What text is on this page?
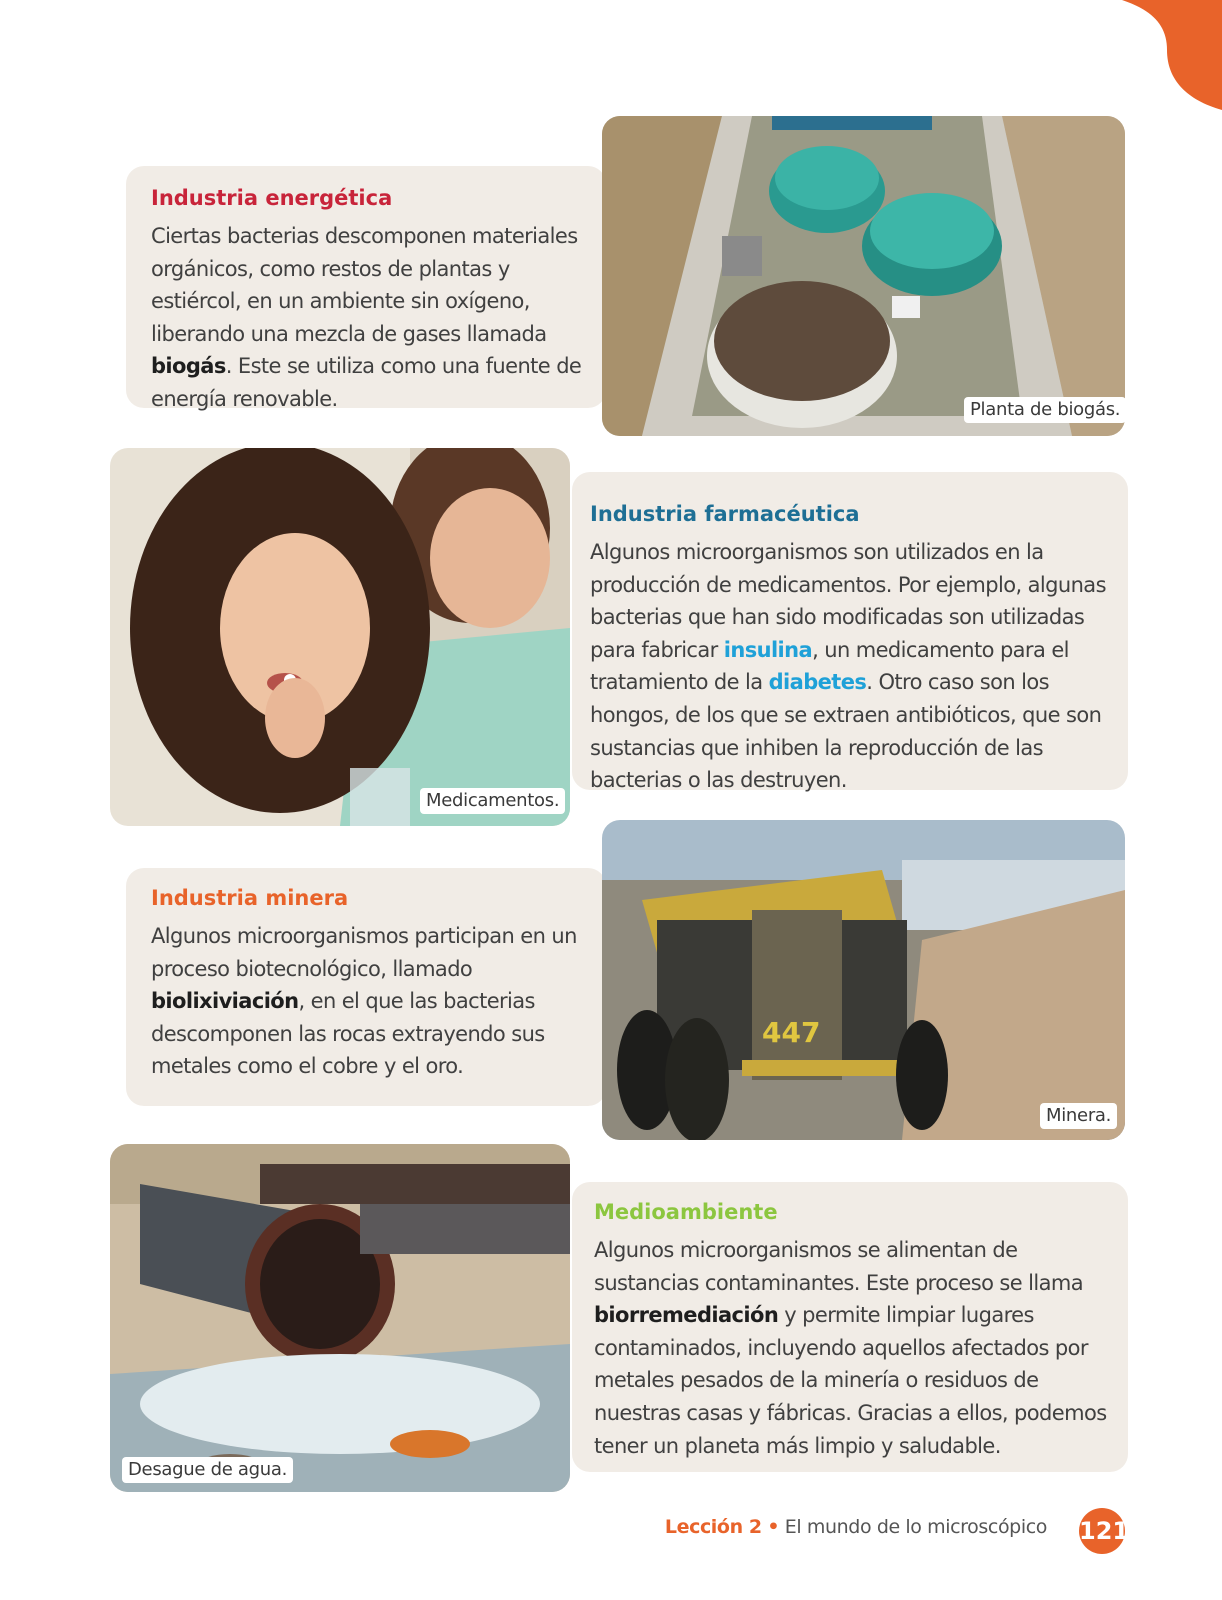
Industria energética

Ciertas bacterias descomponen materiales orgánicos, como restos de plantas y estiércol, en un ambiente sin oxígeno, liberando una mezcla de gases llamada biogás. Este se utiliza como una fuente de energía renovable.	Planta de biogás.
Medicamentos.
Industria farmacéutica

Algunos microorganismos son utilizados en la producción de medicamentos. Por ejemplo, algunas bacterias que han sido modificadas son utilizadas para fabricar insulina, un medicamento para el tratamiento de la diabetes. Otro caso son los hongos, de los que se extraen antibióticos, que son sustancias que inhiben la reproducción de las bacterias o las destruyen.

Industria minera

Algunos microorganismos participan en un proceso biotecnológico, llamado biolixiviación, en el que las bacterias descomponen las rocas extrayendo sus metales como el cobre y el oro.

447
Minera.
Desague de agua.
Medioambiente

Algunos microorganismos se alimentan de sustancias contaminantes. Este proceso se llama biorremediación y permite limpiar lugares contaminados, incluyendo aquellos afectados por metales pesados de la minería o residuos de nuestras casas y fábricas. Gracias a ellos, podemos tener un planeta más limpio y saludable.

Lección 2 • El mundo de lo microscópico 121
